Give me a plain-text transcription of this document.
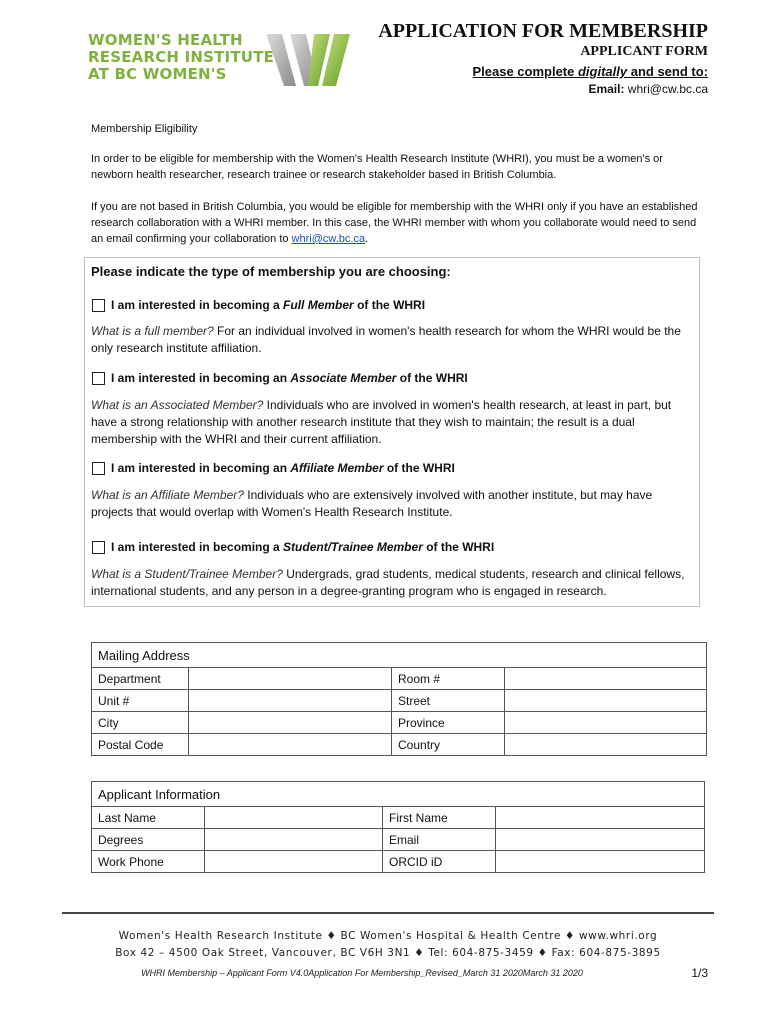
WOMEN'S HEALTH
RESEARCH INSTITUTE
AT BC WOMEN'S
APPLICATION FOR MEMBERSHIP
APPLICANT FORM
Please complete digitally and send to:
Email: whri@cw.bc.ca
Membership Eligibility
In order to be eligible for membership with the Women's Health Research Institute (WHRI), you must be a women's or newborn health researcher, research trainee or research stakeholder based in British Columbia.
If you are not based in British Columbia, you would be eligible for membership with the WHRI only if you have an established research collaboration with a WHRI member. In this case, the WHRI member with whom you collaborate would need to send an email confirming your collaboration to whri@cw.bc.ca.
Please indicate the type of membership you are choosing:
I am interested in becoming a Full Member of the WHRI
What is a full member? For an individual involved in women's health research for whom the WHRI would be the only research institute affiliation.
I am interested in becoming an Associate Member of the WHRI
What is an Associated Member? Individuals who are involved in women's health research, at least in part, but have a strong relationship with another research institute that they wish to maintain; the result is a dual membership with the WHRI and their current affiliation.
I am interested in becoming an Affiliate Member of the WHRI
What is an Affiliate Member? Individuals who are extensively involved with another institute, but may have projects that would overlap with Women's Health Research Institute.
I am interested in becoming a Student/Trainee Member of the WHRI
What is a Student/Trainee Member? Undergrads, grad students, medical students, research and clinical fellows, international students, and any person in a degree-granting program who is engaged in research.
Mailing Address			
Department		Room #	
Unit #		Street	
City		Province	
Postal Code		Country	
Applicant Information			
Last Name		First Name	
Degrees		Email	
Work Phone		ORCID iD	
Women's Health Research Institute ♦ BC Women's Hospital & Health Centre ♦ www.whri.org
Box 42 – 4500 Oak Street, Vancouver, BC V6H 3N1 ♦ Tel: 604-875-3459 ♦ Fax: 604-875-3895
WHRI Membership – Applicant Form V4.0Application For Membership_Revised_March 31 2020March 31 2020	1/3
